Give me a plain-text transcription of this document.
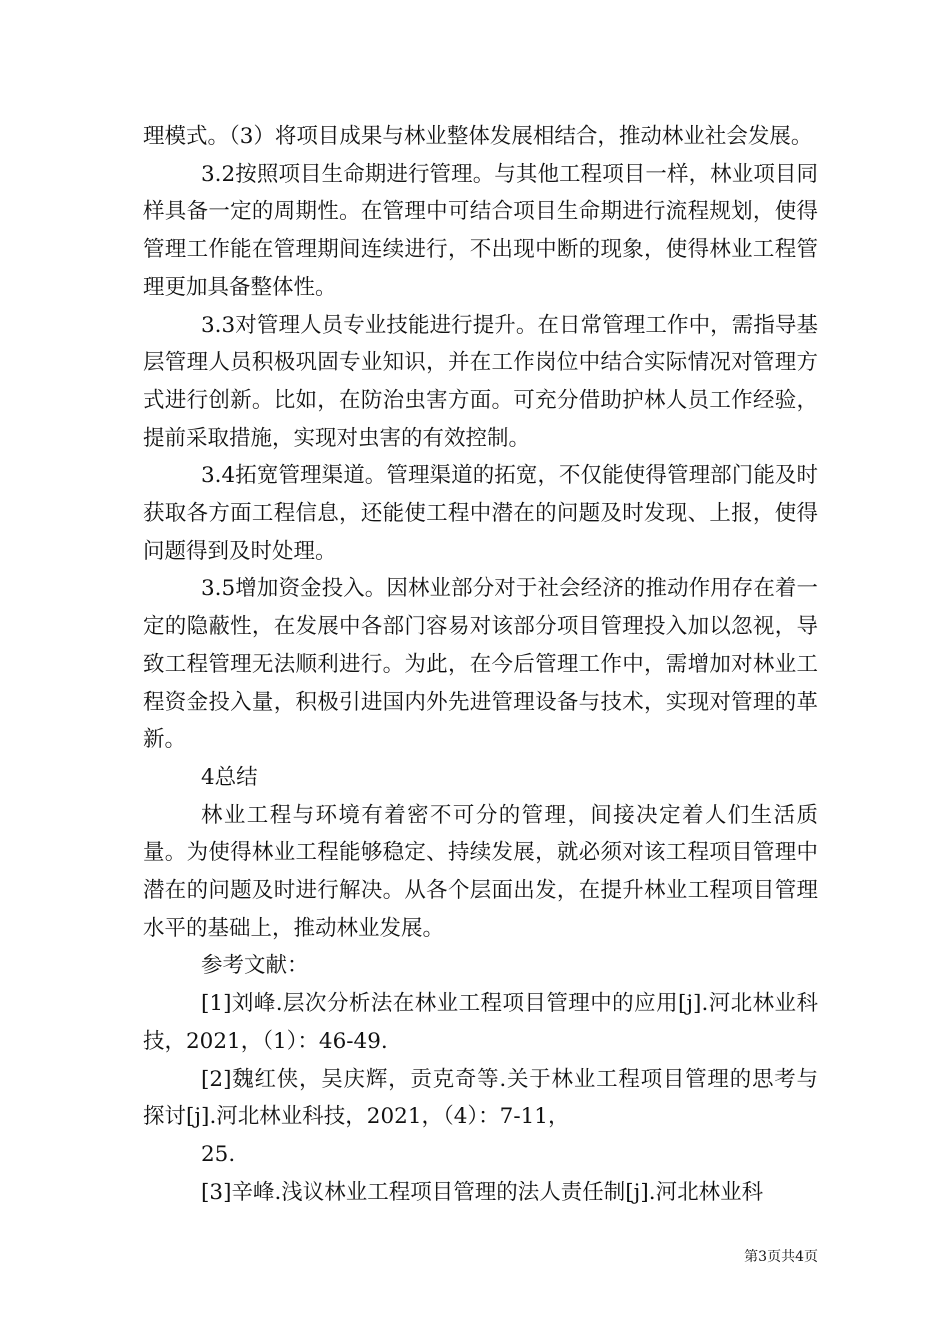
理模式。（3）将项目成果与林业整体发展相结合，推动林业社会发展。

3.2按照项目生命期进行管理。与其他工程项目一样，林业项目同样具备一定的周期性。在管理中可结合项目生命期进行流程规划，使得管理工作能在管理期间连续进行，不出现中断的现象，使得林业工程管理更加具备整体性。

3.3对管理人员专业技能进行提升。在日常管理工作中，需指导基层管理人员积极巩固专业知识，并在工作岗位中结合实际情况对管理方式进行创新。比如，在防治虫害方面。可充分借助护林人员工作经验，提前采取措施，实现对虫害的有效控制。

3.4拓宽管理渠道。管理渠道的拓宽，不仅能使得管理部门能及时获取各方面工程信息，还能使工程中潜在的问题及时发现、上报，使得问题得到及时处理。

3.5增加资金投入。因林业部分对于社会经济的推动作用存在着一定的隐蔽性，在发展中各部门容易对该部分项目管理投入加以忽视，导致工程管理无法顺利进行。为此，在今后管理工作中，需增加对林业工程资金投入量，积极引进国内外先进管理设备与技术，实现对管理的革新。

4总结

林业工程与环境有着密不可分的管理，间接决定着人们生活质量。为使得林业工程能够稳定、持续发展，就必须对该工程项目管理中潜在的问题及时进行解决。从各个层面出发，在提升林业工程项目管理水平的基础上，推动林业发展。

参考文献：

[1]刘峰.层次分析法在林业工程项目管理中的应用[j].河北林业科技，2021，（1）：46-49.

[2]魏红侠，吴庆辉，贡克奇等.关于林业工程项目管理的思考与探讨[j].河北林业科技，2021，（4）：7-11，

25.

[3]辛峰.浅议林业工程项目管理的法人责任制[j].河北林业科

第3页共4页
